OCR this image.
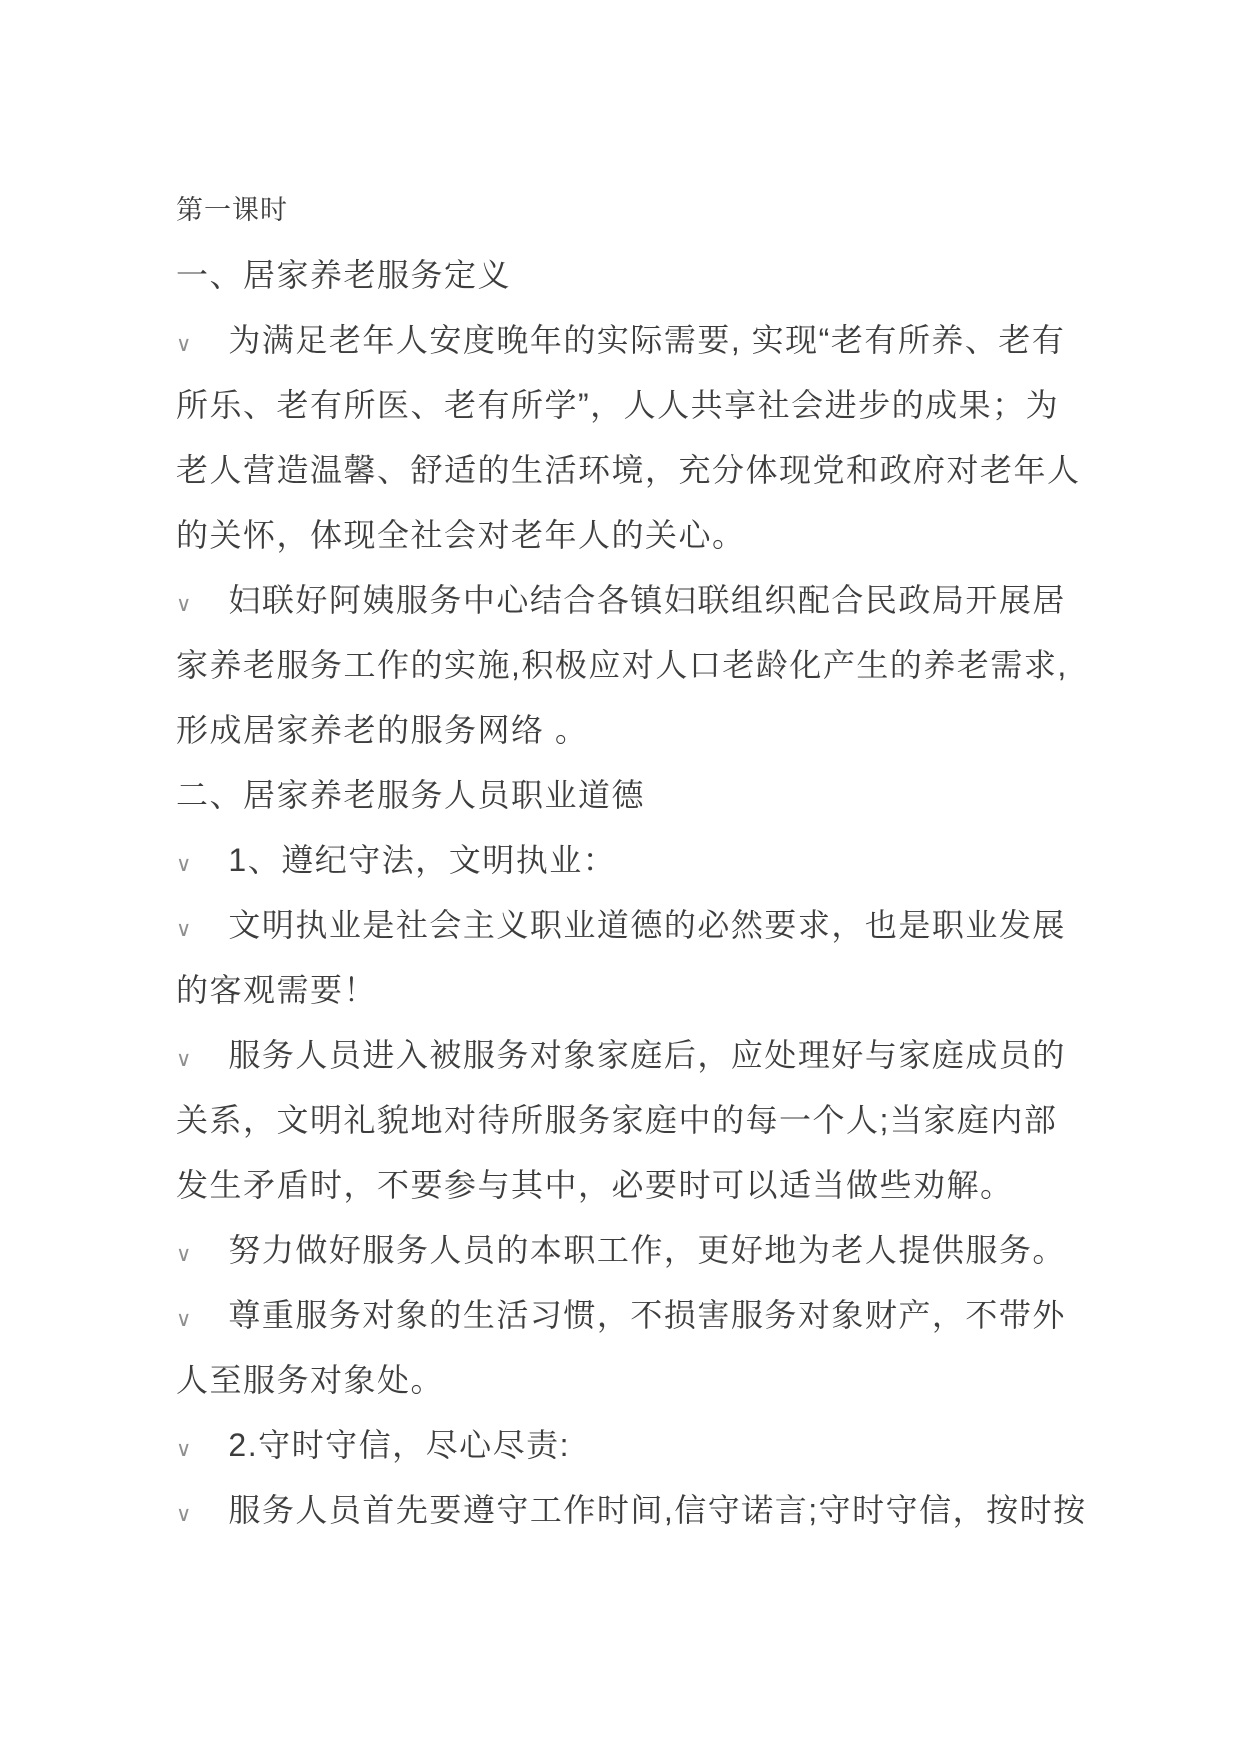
第一课时
一、居家养老服务定义
∨ 为满足老年人安度晚年的实际需要, 实现“老有所养、老有
所乐、老有所医、老有所学”，人人共享社会进步的成果；为
老人营造温馨、舒适的生活环境，充分体现党和政府对老年人
的关怀，体现全社会对老年人的关心。
∨ 妇联好阿姨服务中心结合各镇妇联组织配合民政局开展居
家养老服务工作的实施,积极应对人口老龄化产生的养老需求,
形成居家养老的服务网络 。
二、居家养老服务人员职业道德
∨ 1、遵纪守法，文明执业：
∨ 文明执业是社会主义职业道德的必然要求，也是职业发展
的客观需要！
∨ 服务人员进入被服务对象家庭后，应处理好与家庭成员的
关系，文明礼貌地对待所服务家庭中的每一个人;当家庭内部
发生矛盾时，不要参与其中，必要时可以适当做些劝解。
∨ 努力做好服务人员的本职工作，更好地为老人提供服务。
∨ 尊重服务对象的生活习惯，不损害服务对象财产，不带外
人至服务对象处。
∨ 2.守时守信，尽心尽责:
∨ 服务人员首先要遵守工作时间,信守诺言;守时守信，按时按
